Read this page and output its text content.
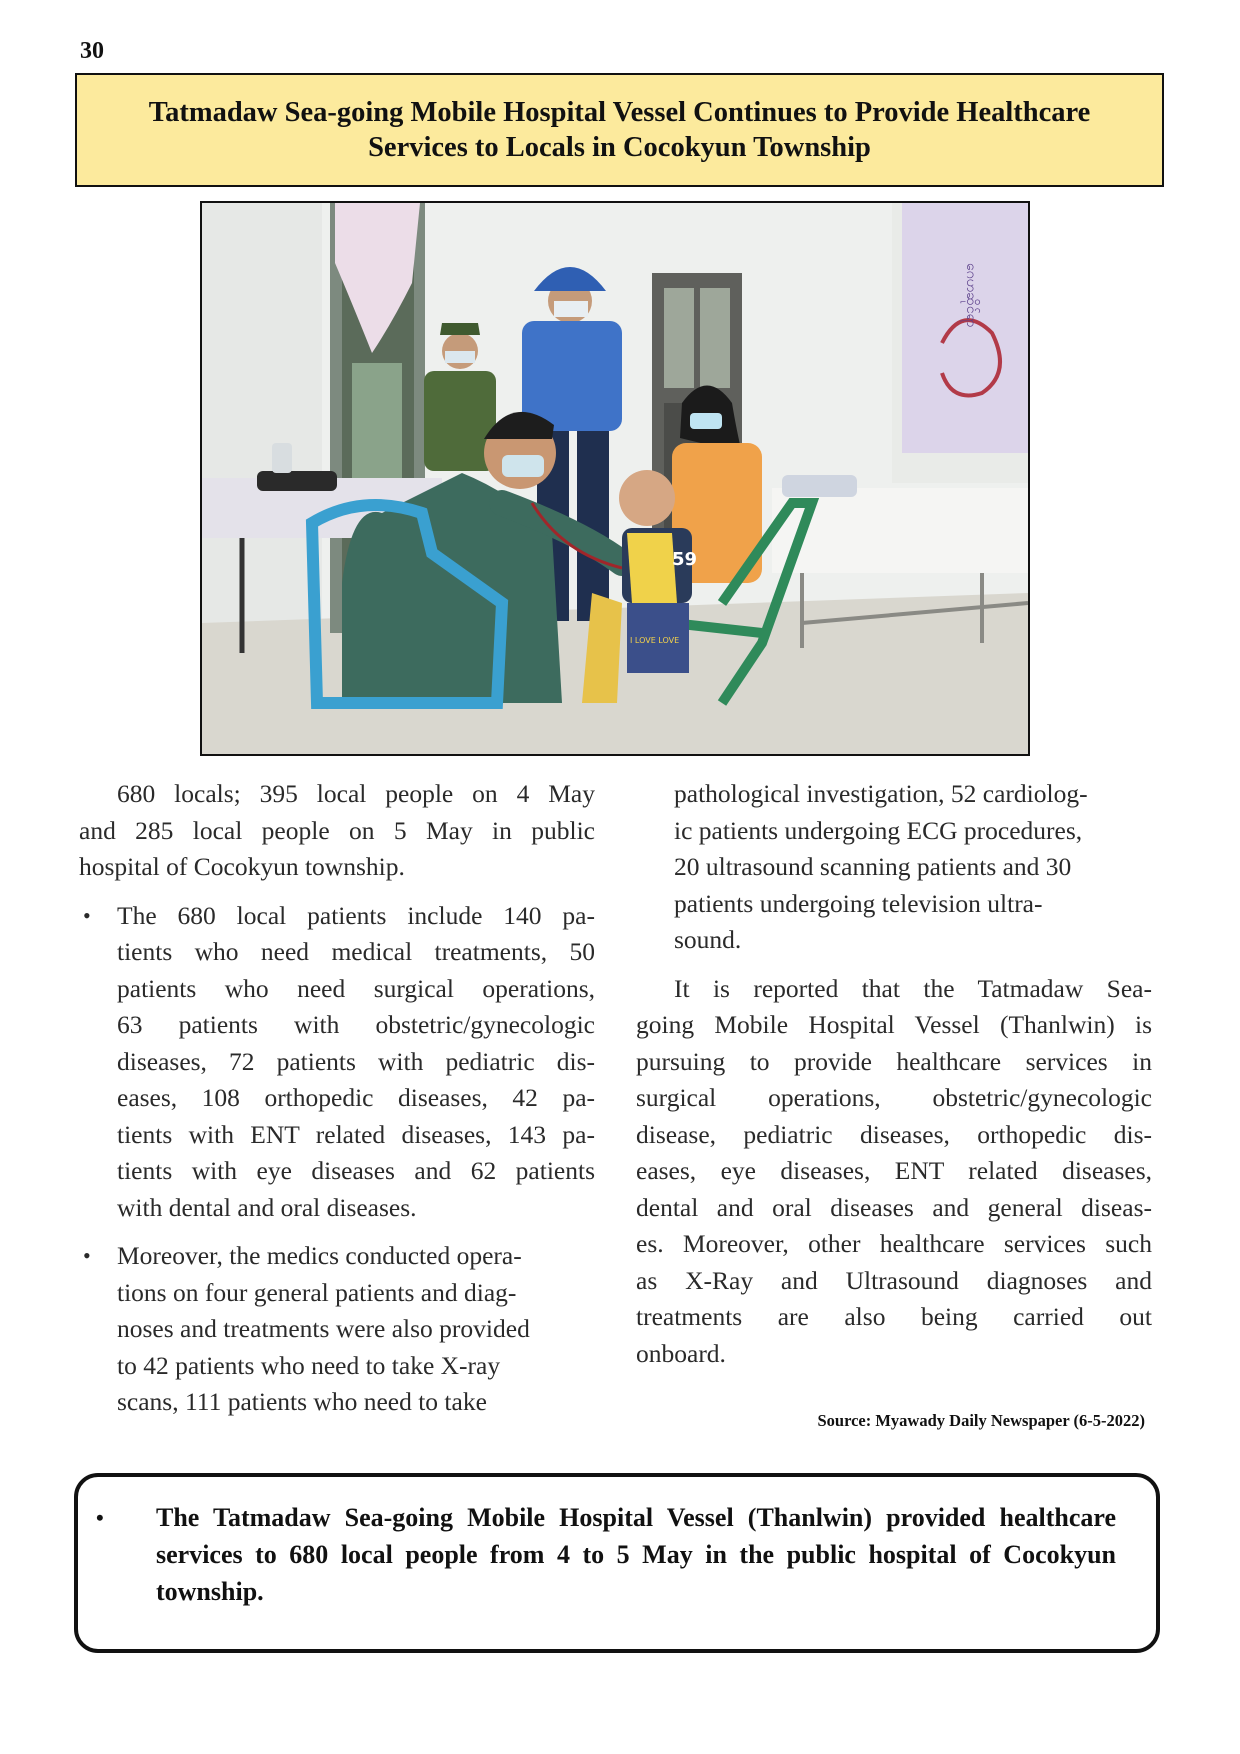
30
Tatmadaw Sea-going Mobile Hospital Vessel Continues to Provide Healthcare
Services to Locals in Cocokyun Township
ဂေဟဆိုင်ရာ
59
I LOVE LOVE

680 locals; 395 local people on 4 May
and 285 local people on 5 May in public
hospital of Cocokyun township.

• The 680 local patients include 140 pa-
tients who need medical treatments, 50
patients who need surgical operations,
63 patients with obstetric/gynecologic
diseases, 72 patients with pediatric dis-
eases, 108 orthopedic diseases, 42 pa-
tients with ENT related diseases, 143 pa-
tients with eye diseases and 62 patients
with dental and oral diseases.
• Moreover, the medics conducted opera-
tions on four general patients and diag-
noses and treatments were also provided
to 42 patients who need to take X-ray
scans, 111 patients who need to take
pathological investigation, 52 cardiolog-
ic patients undergoing ECG procedures,
20 ultrasound scanning patients and 30
patients undergoing television ultra-
sound.

It is reported that the Tatmadaw Sea-
going Mobile Hospital Vessel (Thanlwin) is
pursuing to provide healthcare services in
surgical operations, obstetric/gynecologic
disease, pediatric diseases, orthopedic dis-
eases, eye diseases, ENT related diseases,
dental and oral diseases and general diseas-
es. Moreover, other healthcare services such
as X-Ray and Ultrasound diagnoses and
treatments are also being carried out
onboard.

Source: Myawady Daily Newspaper (6-5-2022)
•	The Tatmadaw Sea-going Mobile Hospital Vessel (Thanlwin) provided healthcare services to 680 local people from 4 to 5 May in the public hospital of Cocokyun township.
